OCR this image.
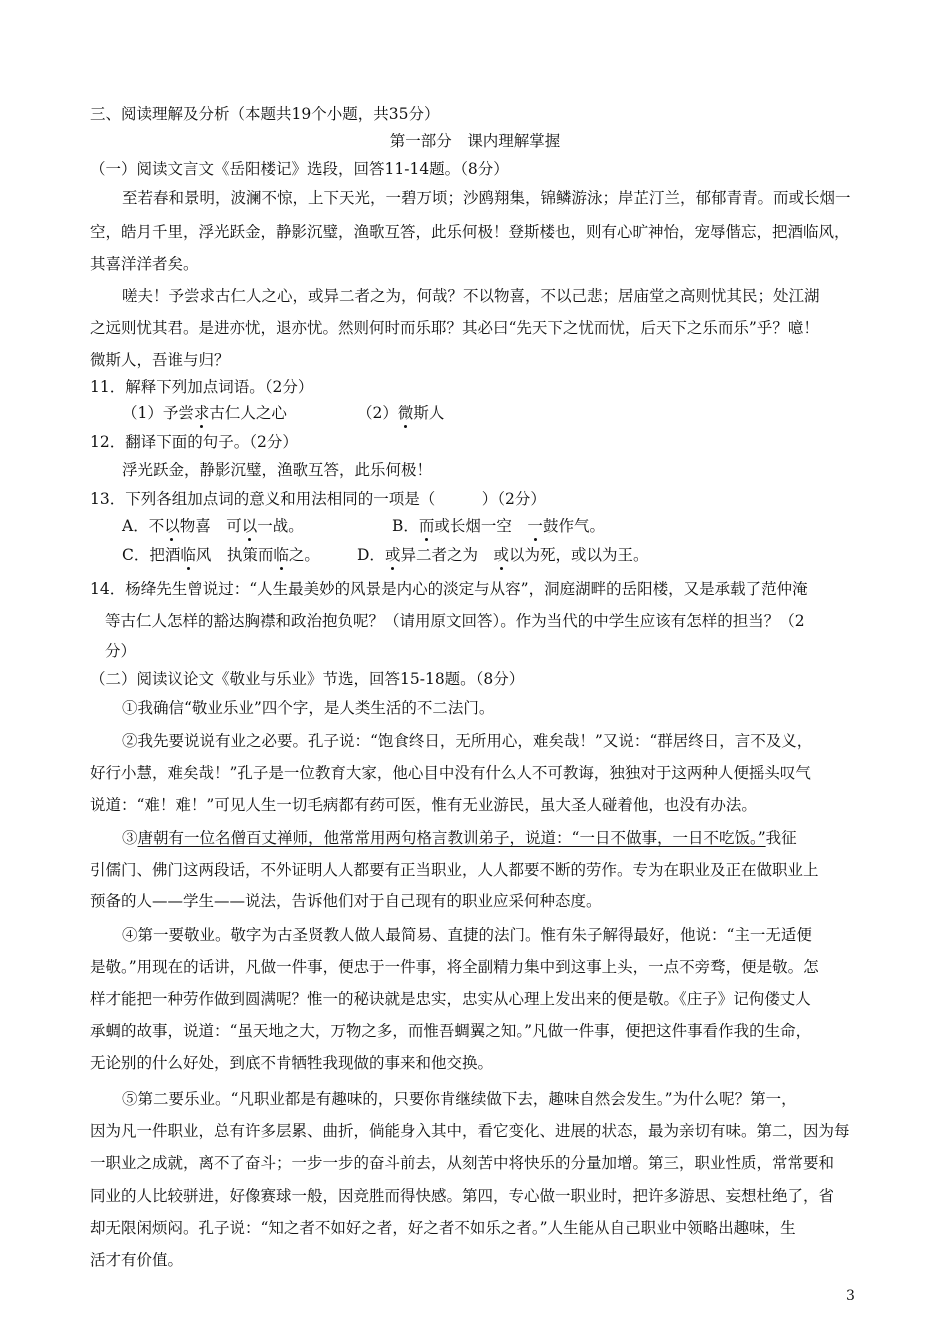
三、阅读理解及分析（本题共19个小题，共35分）
第一部分　课内理解掌握
（一）阅读文言文《岳阳楼记》选段，回答11-14题。（8分）
至若春和景明，波澜不惊，上下天光，一碧万顷；沙鸥翔集，锦鳞游泳；岸芷汀兰，郁郁青青。而或长烟一
空，皓月千里，浮光跃金，静影沉璧，渔歌互答，此乐何极！登斯楼也，则有心旷神怡，宠辱偕忘，把酒临风，
其喜洋洋者矣。
嗟夫！予尝求古仁人之心，或异二者之为，何哉？不以物喜，不以己悲；居庙堂之高则忧其民；处江湖
之远则忧其君。是进亦忧，退亦忧。然则何时而乐耶？其必曰“先天下之忧而忧，后天下之乐而乐”乎？噫！
微斯人，吾谁与归？
11．解释下列加点词语。（2分）
（1）予尝求古仁人之心	（2）微斯人
12．翻译下面的句子。（2分）
浮光跃金，静影沉璧，渔歌互答，此乐何极！
13．下列各组加点词的意义和用法相同的一项是（　　　）（2分）
A．不以物喜　可以一战。	B．而或长烟一空　一鼓作气。
C．把酒临风　执策而临之。 D．或异二者之为　或以为死，或以为王。
14．杨绛先生曾说过：“人生最美妙的风景是内心的淡定与从容”，洞庭湖畔的岳阳楼，又是承载了范仲淹
等古仁人怎样的豁达胸襟和政治抱负呢？（请用原文回答）。作为当代的中学生应该有怎样的担当？（2
分）
（二）阅读议论文《敬业与乐业》节选，回答15-18题。（8分）
①我确信“敬业乐业”四个字，是人类生活的不二法门。
②我先要说说有业之必要。孔子说：“饱食终日，无所用心，难矣哉！”又说：“群居终日，言不及义，
好行小慧，难矣哉！”孔子是一位教育大家，他心目中没有什么人不可教诲，独独对于这两种人便摇头叹气
说道：“难！难！”可见人生一切毛病都有药可医，惟有无业游民，虽大圣人碰着他，也没有办法。
③唐朝有一位名僧百丈禅师，他常常用两句格言教训弟子，说道：“一日不做事，一日不吃饭。”我征
引儒门、佛门这两段话，不外证明人人都要有正当职业，人人都要不断的劳作。专为在职业及正在做职业上
预备的人——学生——说法，告诉他们对于自己现有的职业应采何种态度。
④第一要敬业。敬字为古圣贤教人做人最简易、直捷的法门。惟有朱子解得最好，他说：“主一无适便
是敬。”用现在的话讲，凡做一件事，便忠于一件事，将全副精力集中到这事上头，一点不旁骛，便是敬。怎
样才能把一种劳作做到圆满呢？惟一的秘诀就是忠实，忠实从心理上发出来的便是敬。《庄子》记佝偻丈人
承蜩的故事，说道：“虽天地之大，万物之多，而惟吾蜩翼之知。”凡做一件事，便把这件事看作我的生命，
无论别的什么好处，到底不肯牺牲我现做的事来和他交换。
⑤第二要乐业。“凡职业都是有趣味的，只要你肯继续做下去，趣味自然会发生。”为什么呢？第一，
因为凡一件职业，总有许多层累、曲折，倘能身入其中，看它变化、进展的状态，最为亲切有味。第二，因为每
一职业之成就，离不了奋斗；一步一步的奋斗前去，从刻苦中将快乐的分量加增。第三，职业性质，常常要和
同业的人比较骈进，好像赛球一般，因竞胜而得快感。第四，专心做一职业时，把许多游思、妄想杜绝了，省
却无限闲烦闷。孔子说：“知之者不如好之者，好之者不如乐之者。”人生能从自己职业中领略出趣味，生
活才有价值。
3
